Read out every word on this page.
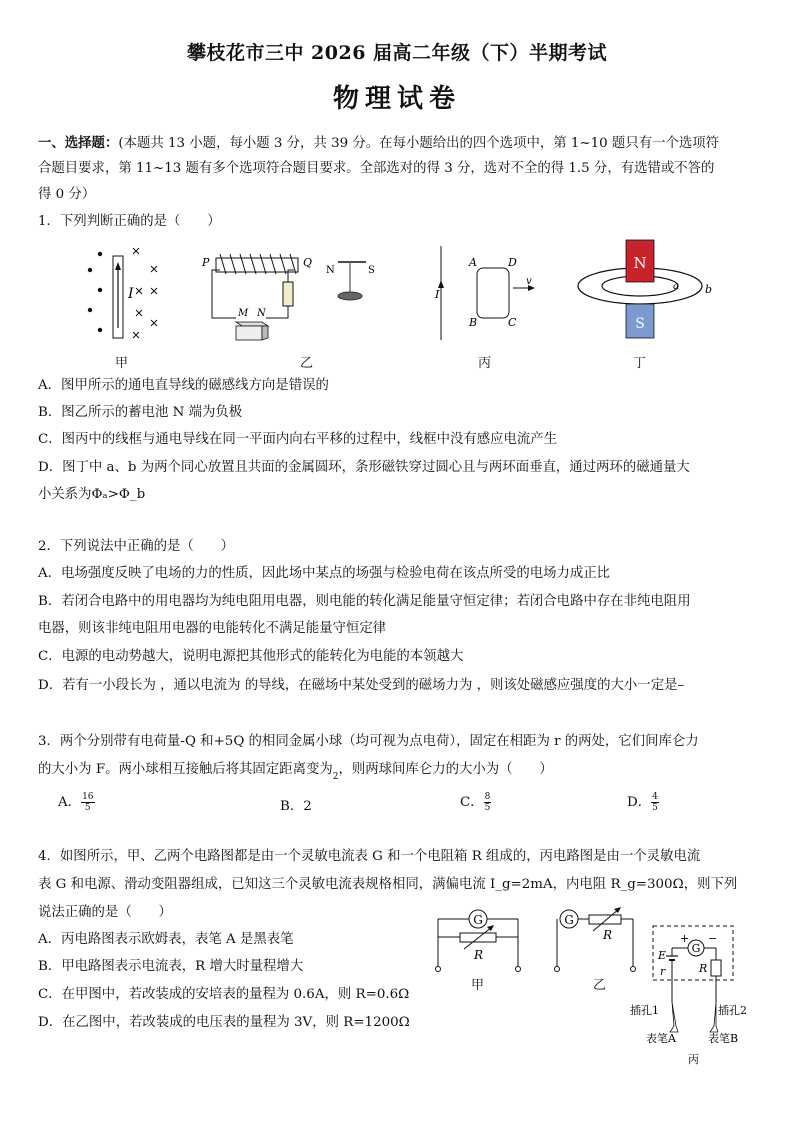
攀枝花市三中 2026 届高二年级（下）半期考试
物理试卷
一、选择题：(本题共 13 小题，每小题 3 分，共 39 分。在每小题给出的四个选项中，第 1~10 题只有一个选项符
合题目要求，第 11~13 题有多个选项符合题目要求。全部选对的得 3 分，选对不全的得 1.5 分，有选错或不答的
得 0 分）
1．下列判断正确的是（　　）
I
甲
P	Q
M N
N	S
乙
I
A	D
B	C
v
丙
N
S
a b
丁
A．图甲所示的通电直导线的磁感线方向是错误的
B．图乙所示的蓄电池 N 端为负极
C．图丙中的线框与通电导线在同一平面内向右平移的过程中，线框中没有感应电流产生
D．图丁中 a、b 为两个同心放置且共面的金属圆环，条形磁铁穿过圆心且与两环面垂直，通过两环的磁通量大
小关系为Φₐ>Φ_b
2．下列说法中正确的是（　　）
A．电场强度反映了电场的力的性质，因此场中某点的场强与检验电荷在该点所受的电场力成正比
B．若闭合电路中的用电器均为纯电阻用电器，则电能的转化满足能量守恒定律；若闭合电路中存在非纯电阻用
电器，则该非纯电阻用电器的电能转化不满足能量守恒定律
C．电源的电动势越大，说明电源把其他形式的能转化为电能的本领越大
D．若有一小段长为 ，通以电流为 的导线，在磁场中某处受到的磁场力为 ，则该处磁感应强度的大小一定是–
3．两个分别带有电荷量-Q 和+5Q 的相同金属小球（均可视为点电荷），固定在相距为 r 的两处，它们间库仑力
的大小为 F。两小球相互接触后将其固定距离变为 2 ，则两球间库仑力的大小为（　　）
A． $\frac{16}{5}$	B．2	C． $\frac{8}{5}$	D． $\frac{4}{5}$
4．如图所示，甲、乙两个电路图都是由一个灵敏电流表 G 和一个电阻箱 R 组成的，丙电路图是由一个灵敏电流
表 G 和电源、滑动变阻器组成，已知这三个灵敏电流表规格相同，满偏电流 I_g=2mA，内电阻 R_g=300Ω，则下列
说法正确的是（　　）
A．丙电路图表示欧姆表，表笔 A 是黑表笔
B．甲电路图表示电流表，R 增大时量程增大
C．在甲图中，若改装成的安培表的量程为 0.6A，则 R=0.6Ω
D．在乙图中，若改装成的电压表的量程为 3V，则 R=1200Ω
G
R
甲
G
R
乙
+ −
G
E
r	R
插孔1	插孔2
表笔A	表笔B
丙
